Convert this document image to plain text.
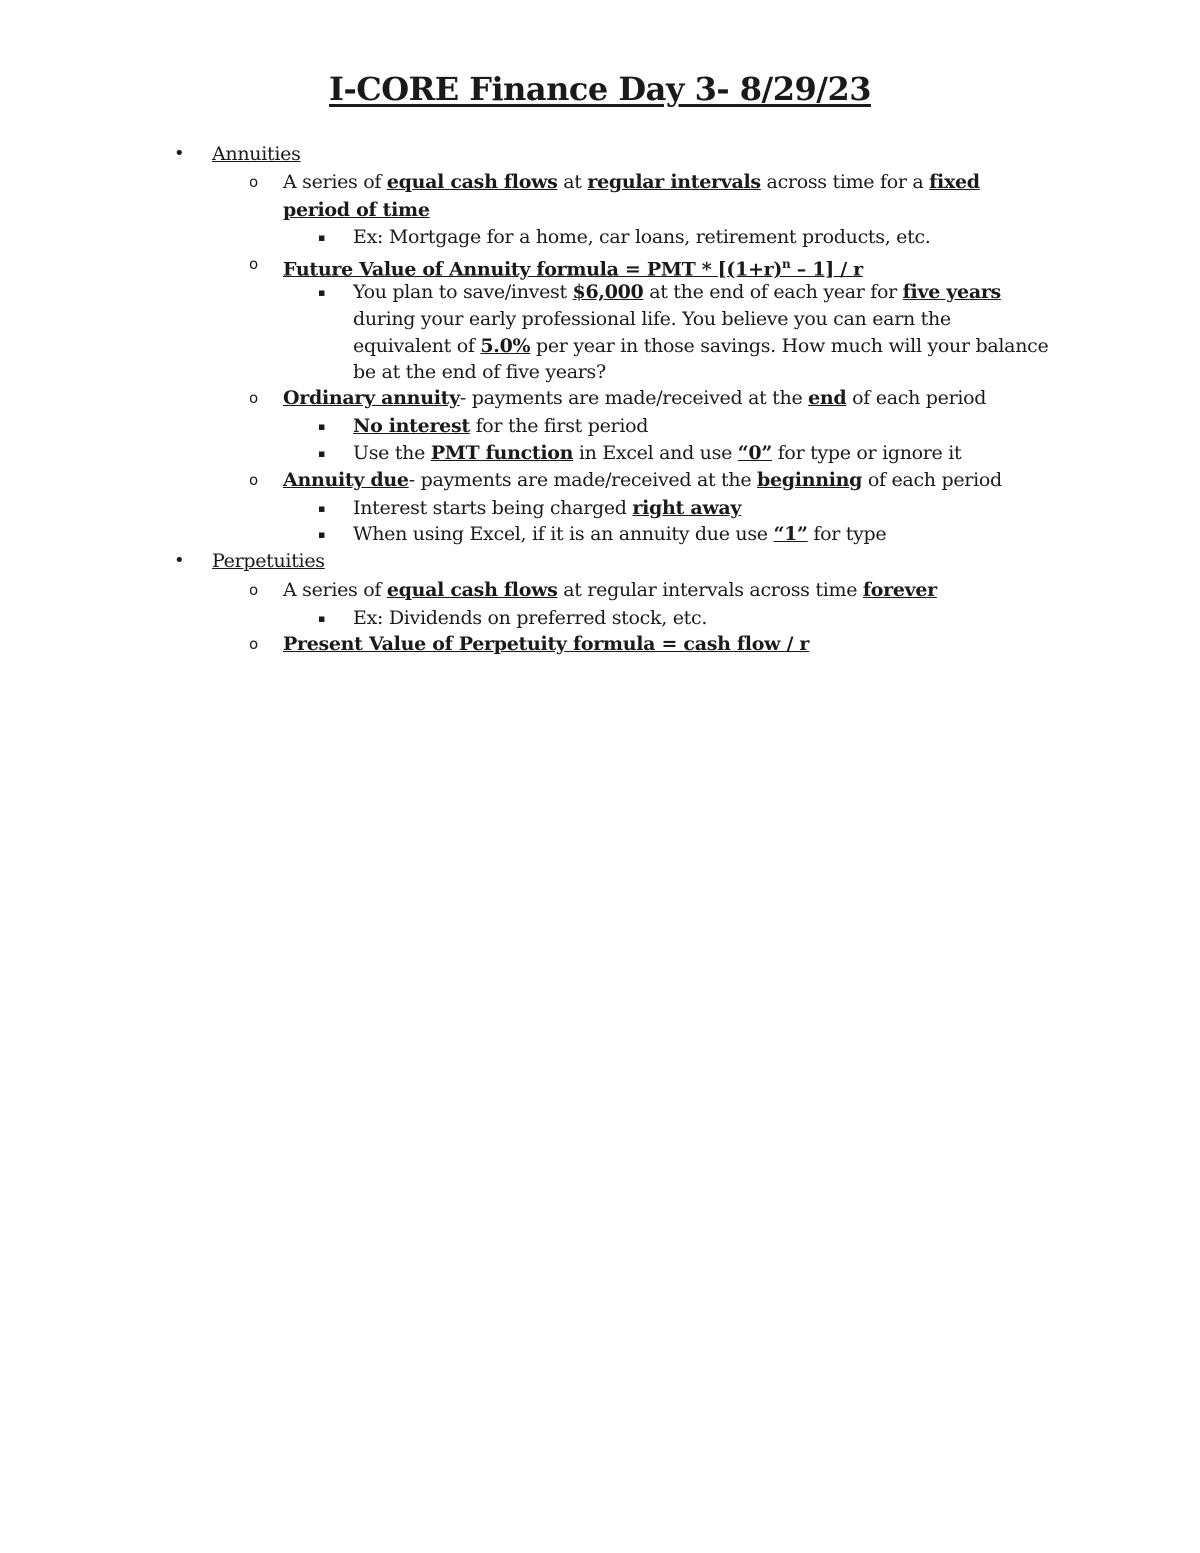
I-CORE Finance Day 3- 8/29/23
• Annuities
o A series of equal cash flows at regular intervals across time for a fixed
period of time
▪ Ex: Mortgage for a home, car loans, retirement products, etc.
o Future Value of Annuity formula = PMT * $[(1+r)^n - 1] / r$
▪ You plan to save/invest $6,000 at the end of each year for five years
during your early professional life. You believe you can earn the
equivalent of 5.0% per year in those savings. How much will your balance
be at the end of five years?
o Ordinary annuity- payments are made/received at the end of each period
▪ No interest for the first period
▪ Use the PMT function in Excel and use “0” for type or ignore it
o Annuity due- payments are made/received at the beginning of each period
▪ Interest starts being charged right away
▪ When using Excel, if it is an annuity due use “1” for type
• Perpetuities
o A series of equal cash flows at regular intervals across time forever
▪ Ex: Dividends on preferred stock, etc.
o Present Value of Perpetuity formula = cash flow / r
